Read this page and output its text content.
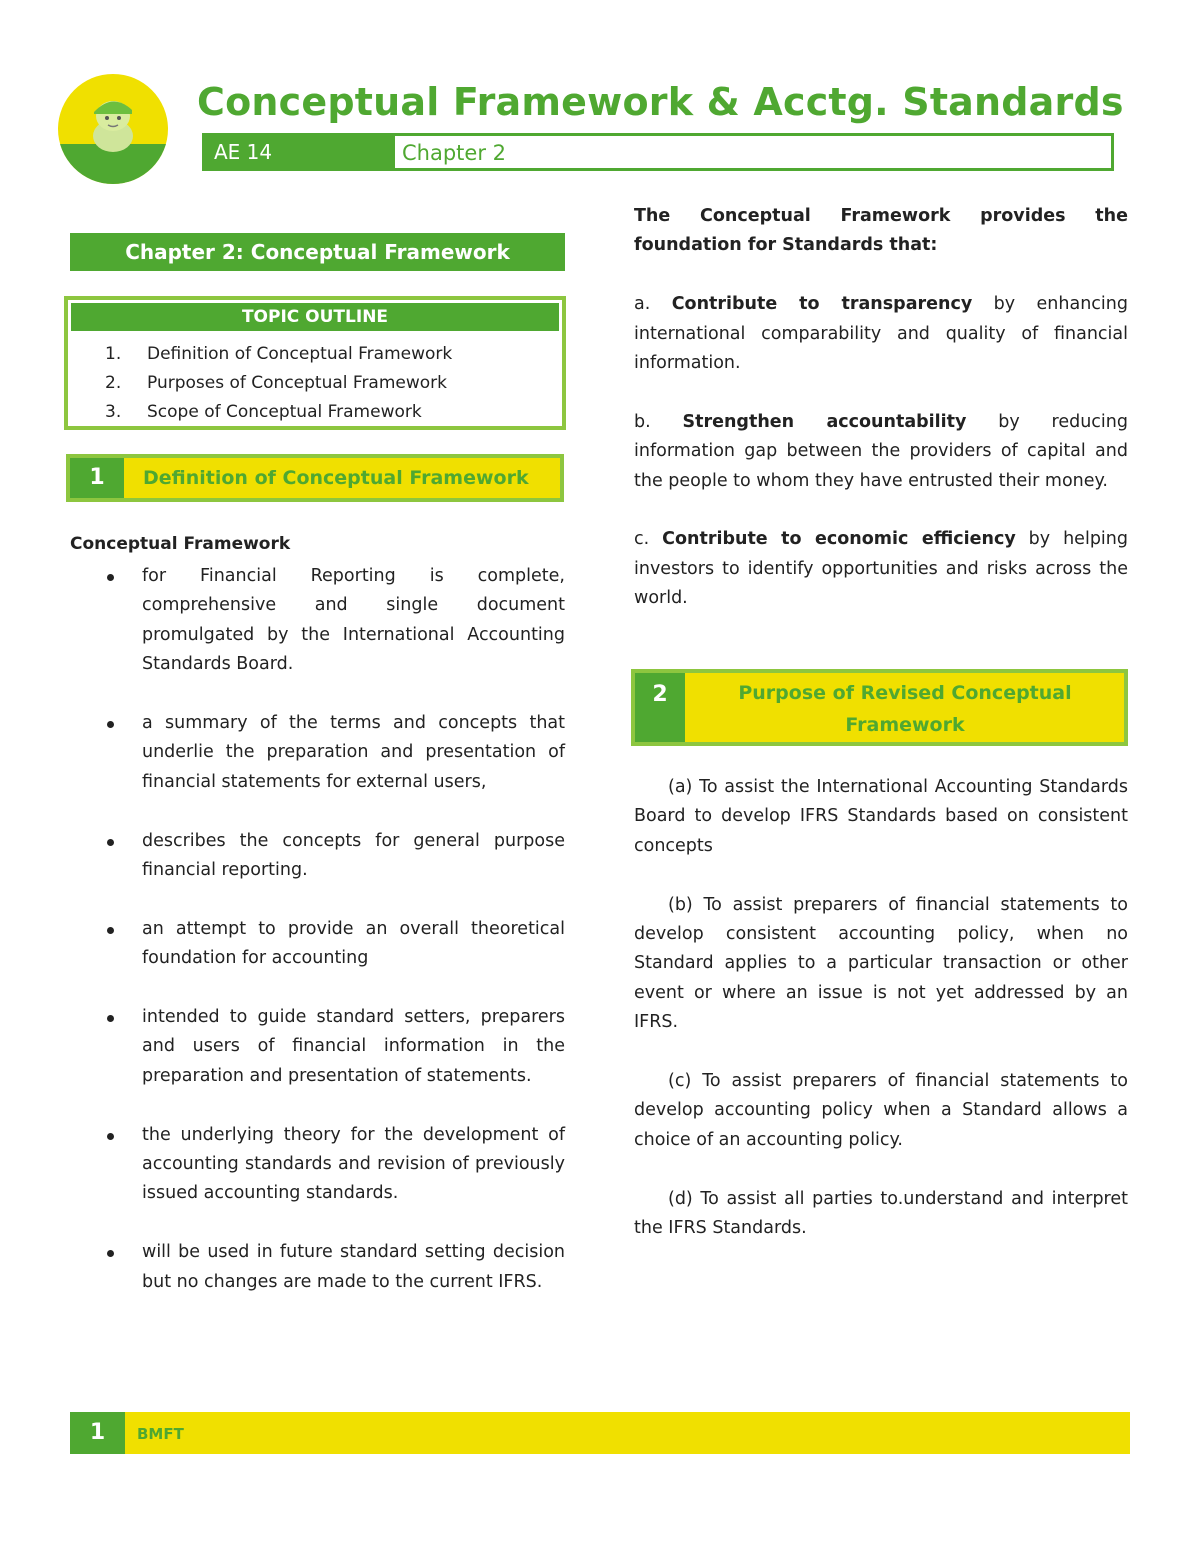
Conceptual Framework & Acctg. Standards
AE 14	Chapter 2
Chapter 2: Conceptual Framework
TOPIC OUTLINE
1.	Definition of Conceptual Framework
2.	Purposes of Conceptual Framework
3.	Scope of Conceptual Framework
1	Definition of Conceptual Framework
Conceptual Framework
for Financial Reporting is complete, comprehensive and single document promulgated by the International Accounting Standards Board.
a summary of the terms and concepts that underlie the preparation and presentation of financial statements for external users,
describes the concepts for general purpose financial reporting.
an attempt to provide an overall theoretical foundation for accounting
intended to guide standard setters, preparers and users of financial information in the preparation and presentation of statements.
the underlying theory for the development of accounting standards and revision of previously issued accounting standards.
will be used in future standard setting decision but no changes are made to the current IFRS.

The Conceptual Framework provides the foundation for Standards that:

a. Contribute to transparency by enhancing international comparability and quality of financial information.

b. Strengthen accountability by reducing information gap between the providers of capital and the people to whom they have entrusted their money.

c. Contribute to economic efficiency by helping investors to identify opportunities and risks across the world.

2	Purpose of Revised Conceptual Framework

(a) To assist the International Accounting Standards Board to develop IFRS Standards based on consistent concepts

(b) To assist preparers of financial statements to develop consistent accounting policy, when no Standard applies to a particular transaction or other event or where an issue is not yet addressed by an IFRS.

(c) To assist preparers of financial statements to develop accounting policy when a Standard allows a choice of an accounting policy.

(d) To assist all parties to.understand and interpret the IFRS Standards.

1	BMFT
